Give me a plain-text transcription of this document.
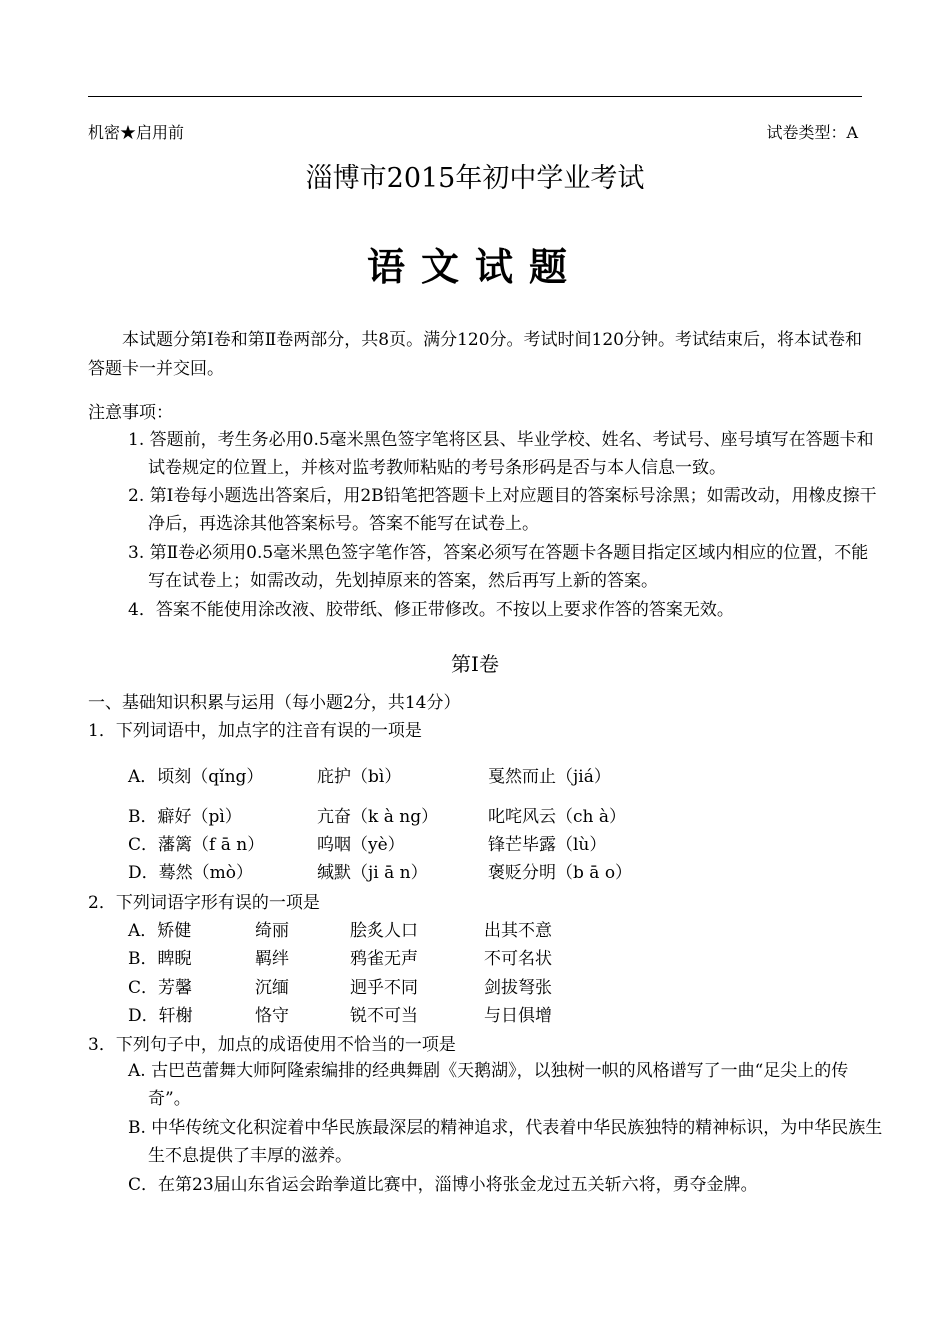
机密★启用前	试卷类型：A
淄博市2015年初中学业考试
语文试题
本试题分第Ⅰ卷和第Ⅱ卷两部分，共8页。满分120分。考试时间120分钟。考试结束后，将本试卷和答题卡一并交回。
注意事项：
1. 答题前，考生务必用0.5毫米黑色签字笔将区县、毕业学校、姓名、考试号、座号填写在答题卡和试卷规定的位置上，并核对监考教师粘贴的考号条形码是否与本人信息一致。
2. 第Ⅰ卷每小题选出答案后，用2B铅笔把答题卡上对应题目的答案标号涂黑；如需改动，用橡皮擦干净后，再选涂其他答案标号。答案不能写在试卷上。
3. 第Ⅱ卷必须用0.5毫米黑色签字笔作答，答案必须写在答题卡各题目指定区域内相应的位置，不能写在试卷上；如需改动，先划掉原来的答案，然后再写上新的答案。
4．答案不能使用涂改液、胶带纸、修正带修改。不按以上要求作答的答案无效。
第Ⅰ卷
一、基础知识积累与运用（每小题2分，共14分）
1．下列词语中，加点字的注音有误的一项是
A．顷刻（qǐng）	庇护（bì）	戛然而止（jiá）
B．癖好（pì）	亢奋（k à ng）	叱咤风云（ch à）
C．藩篱（f ā n）	呜咽（yè）	锋芒毕露（lù）
D．蓦然（mò）	缄默（ji ā n）	褒贬分明（b ā o）
2．下列词语字形有误的一项是
A．矫健	绮丽	脍炙人口	出其不意
B．睥睨	羁绊	鸦雀无声	不可名状
C．芳馨	沉缅	迥乎不同	剑拔弩张
D．轩榭	恪守	锐不可当	与日俱增
3．下列句子中，加点的成语使用不恰当的一项是
A. 古巴芭蕾舞大师阿隆索编排的经典舞剧《天鹅湖》，以独树一帜的风格谱写了一曲“足尖上的传奇”。
B. 中华传统文化积淀着中华民族最深层的精神追求，代表着中华民族独特的精神标识，为中华民族生生不息提供了丰厚的滋养。
C．在第23届山东省运会跆拳道比赛中，淄博小将张金龙过五关斩六将，勇夺金牌。
